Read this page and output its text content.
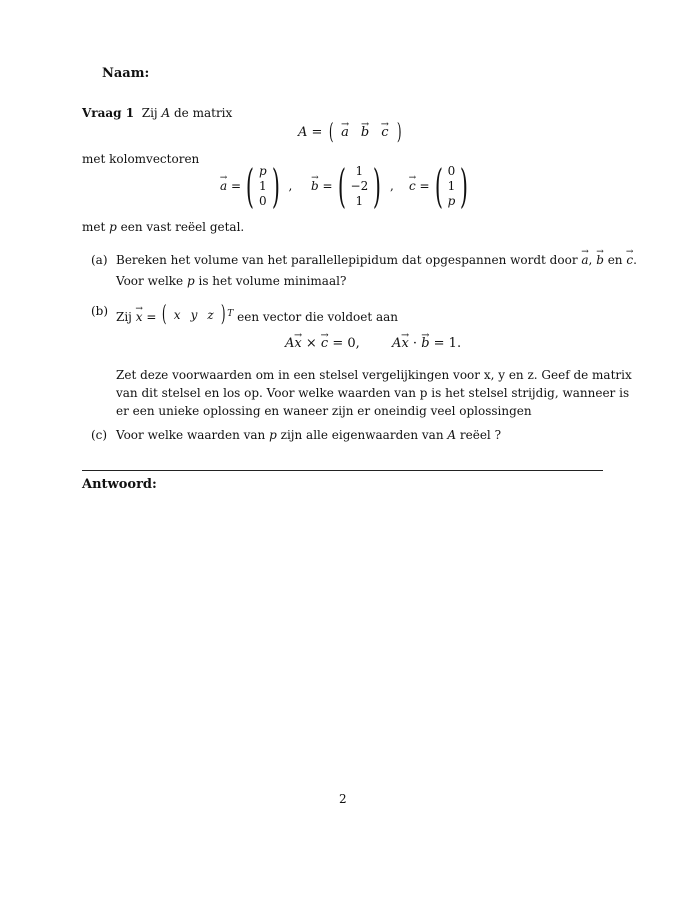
Naam:
Vraag 1 Zij A de matrix
A = ( → a → b → c )
met kolomvectoren
→ a = ( p
1
0 ) , → b = ( 1
−2
1 ) , → c = ( 0
1
p )
met p een vast reëel getal.
(a) Bereken het volume van het parallellepipidum dat opgespannen wordt door → a, → b en → c.
Voor welke p is het volume minimaal?
(b) Zij → x = ( x y z ) $^T$ een vector die voldoet aan
A→ x × → c = 0, A→ x · → b = 1.
Zet deze voorwaarden om in een stelsel vergelijkingen voor x, y en z. Geef de matrix
van dit stelsel en los op. Voor welke waarden van p is het stelsel strijdig, wanneer is
er een unieke oplossing en waneer zijn er oneindig veel oplossingen
(c) Voor welke waarden van p zijn alle eigenwaarden van A reëel ?
Antwoord:
2
